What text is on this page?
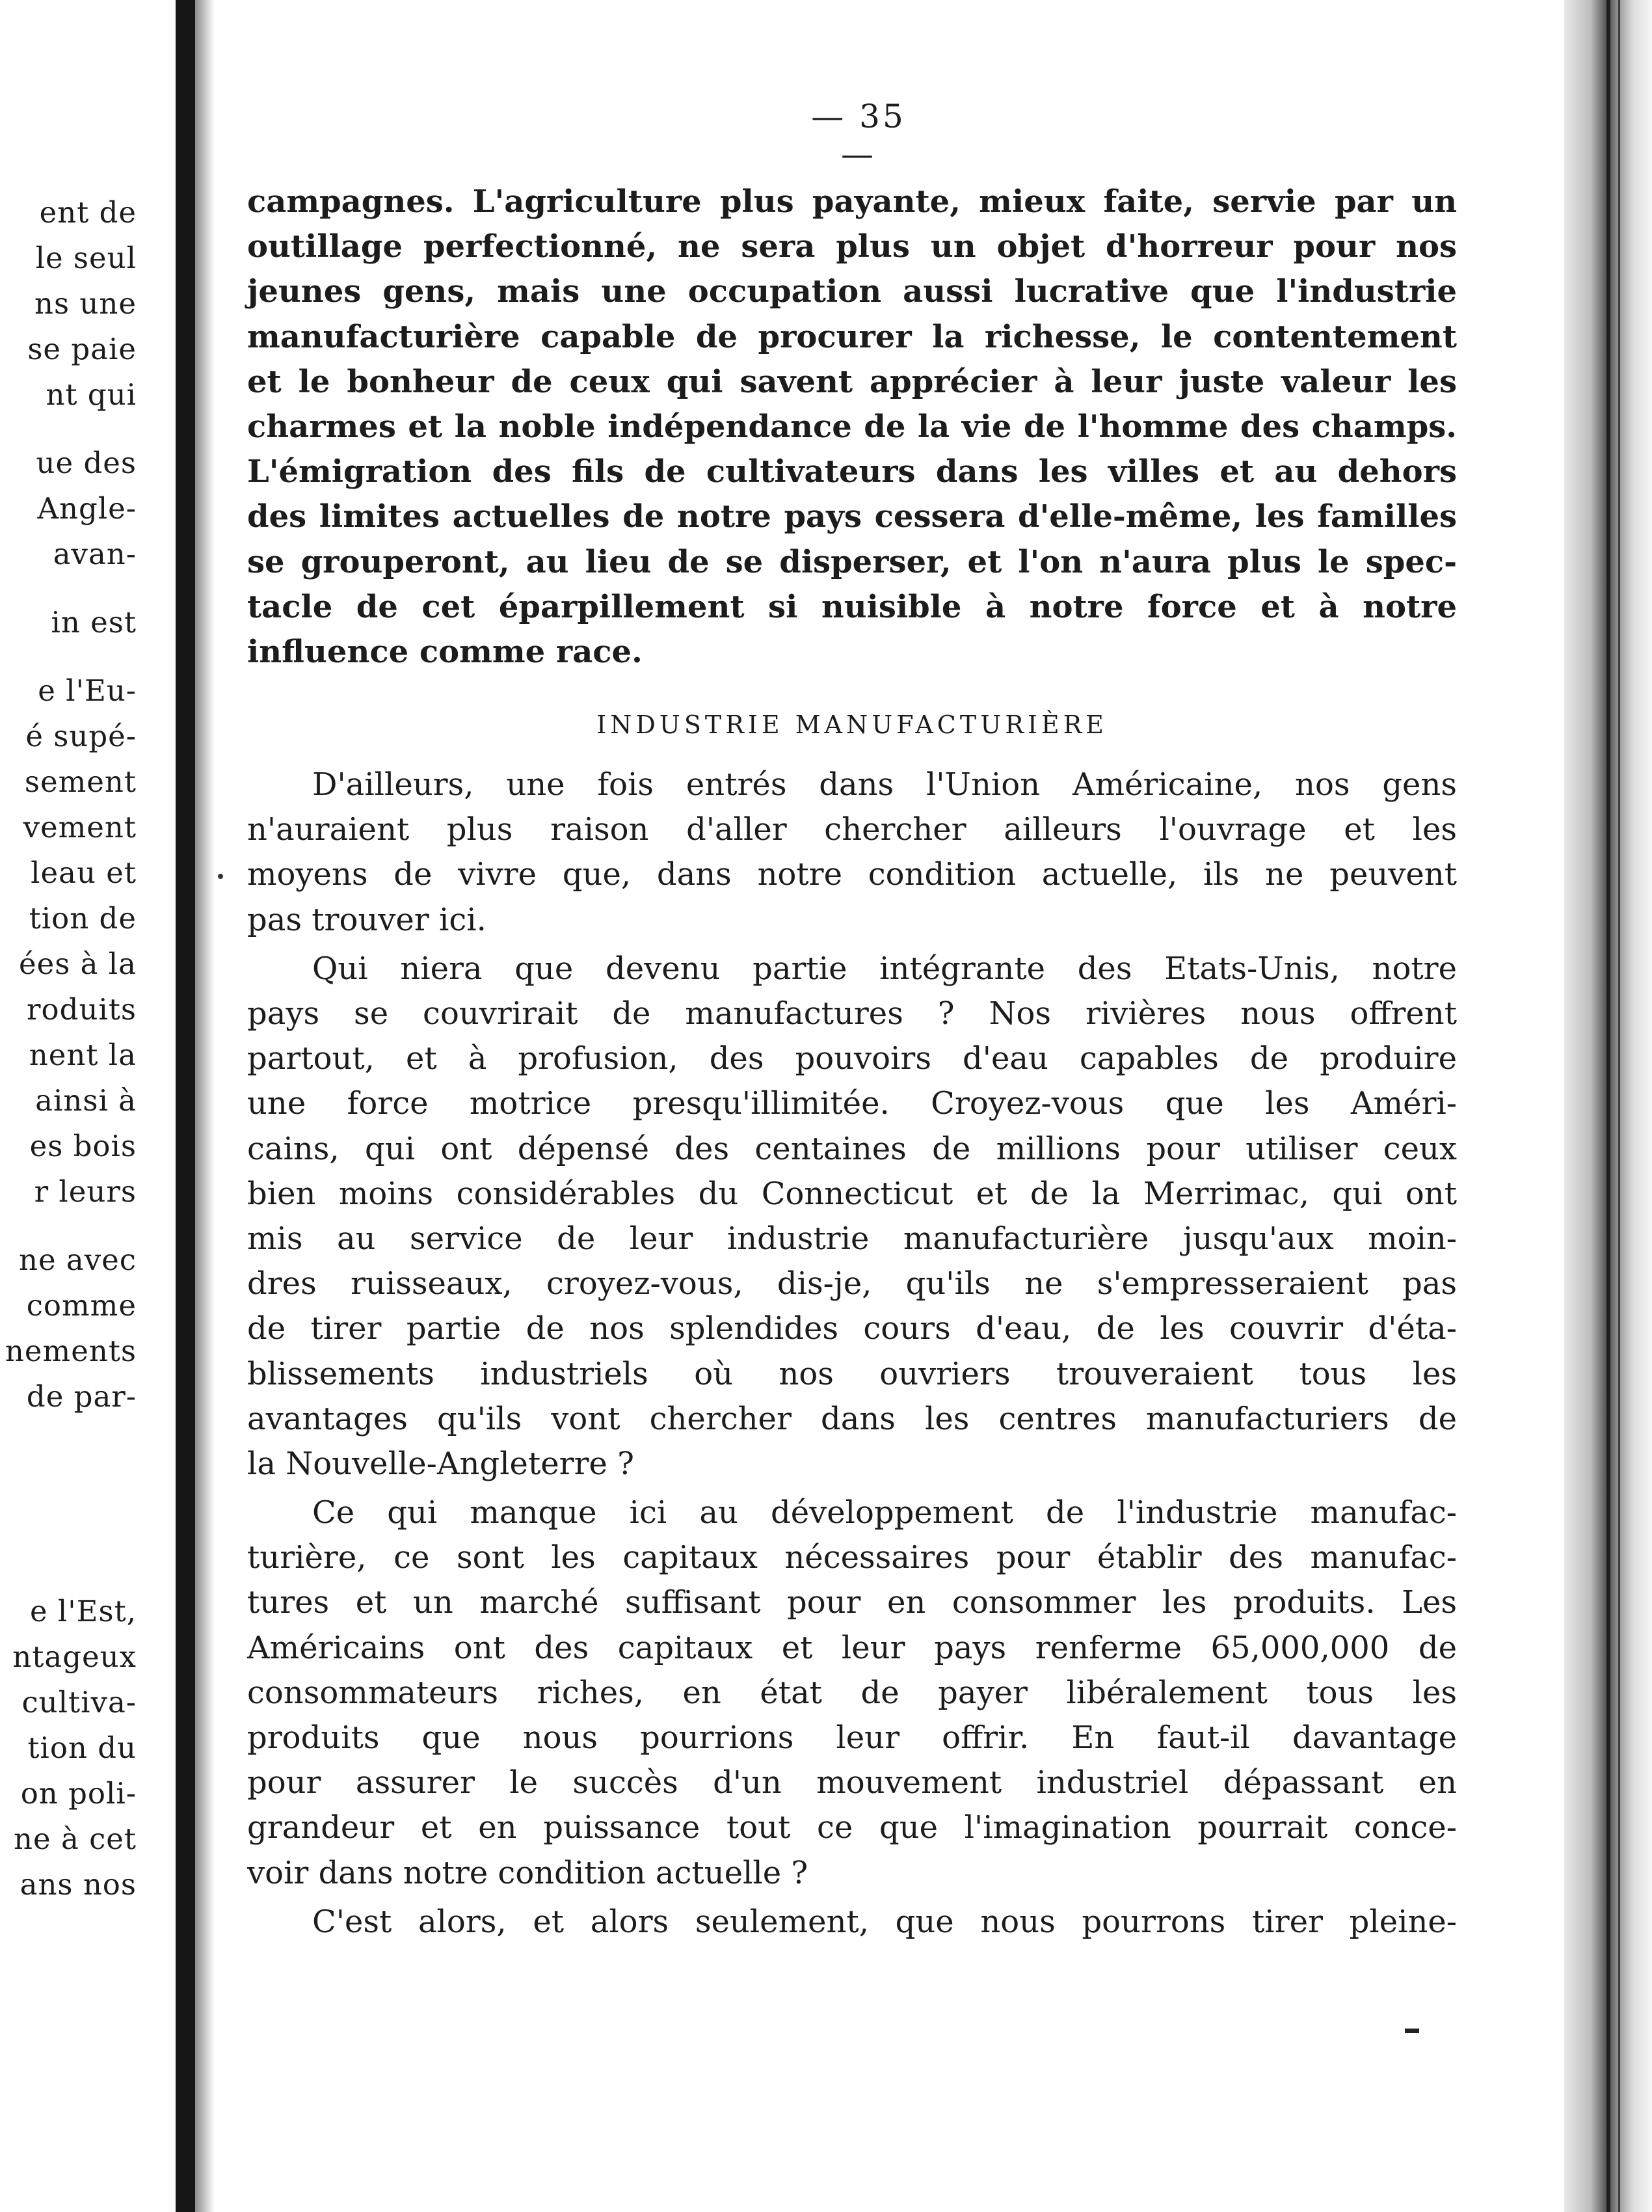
ent de
le seul
ns une
se paie
nt qui
ue des
Angle-
avan-
in est
e l'Eu-
é supé-
sement
vement
leau et
tion de
ées à la
roduits
nent la
ainsi à
es bois
r leurs
ne avec
comme
nements
de par-
e l'Est,
ntageux
cultiva-
tion du
on poli-
ne à cet
ans nos
— 35 —
campagnes. L'agriculture plus payante, mieux faite, servie par un
outillage perfectionné, ne sera plus un objet d'horreur pour nos
jeunes gens, mais une occupation aussi lucrative que l'industrie
manufacturière capable de procurer la richesse, le contentement
et le bonheur de ceux qui savent apprécier à leur juste valeur les
charmes et la noble indépendance de la vie de l'homme des champs.
L'émigration des fils de cultivateurs dans les villes et au dehors
des limites actuelles de notre pays cessera d'elle-même, les familles
se grouperont, au lieu de se disperser, et l'on n'aura plus le spec-
tacle de cet éparpillement si nuisible à notre force et à notre
influence comme race.
INDUSTRIE MANUFACTURIÈRE
D'ailleurs, une fois entrés dans l'Union Américaine, nos gens
n'auraient plus raison d'aller chercher ailleurs l'ouvrage et les
moyens de vivre que, dans notre condition actuelle, ils ne peuvent
pas trouver ici.
Qui niera que devenu partie intégrante des Etats-Unis, notre
pays se couvrirait de manufactures ? Nos rivières nous offrent
partout, et à profusion, des pouvoirs d'eau capables de produire
une force motrice presqu'illimitée. Croyez-vous que les Améri-
cains, qui ont dépensé des centaines de millions pour utiliser ceux
bien moins considérables du Connecticut et de la Merrimac, qui ont
mis au service de leur industrie manufacturière jusqu'aux moin-
dres ruisseaux, croyez-vous, dis-je, qu'ils ne s'empresseraient pas
de tirer partie de nos splendides cours d'eau, de les couvrir d'éta-
blissements industriels où nos ouvriers trouveraient tous les
avantages qu'ils vont chercher dans les centres manufacturiers de
la Nouvelle-Angleterre ?
Ce qui manque ici au développement de l'industrie manufac-
turière, ce sont les capitaux nécessaires pour établir des manufac-
tures et un marché suffisant pour en consommer les produits. Les
Américains ont des capitaux et leur pays renferme 65,000,000 de
consommateurs riches, en état de payer libéralement tous les
produits que nous pourrions leur offrir. En faut-il davantage
pour assurer le succès d'un mouvement industriel dépassant en
grandeur et en puissance tout ce que l'imagination pourrait conce-
voir dans notre condition actuelle ?
C'est alors, et alors seulement, que nous pourrons tirer pleine-
